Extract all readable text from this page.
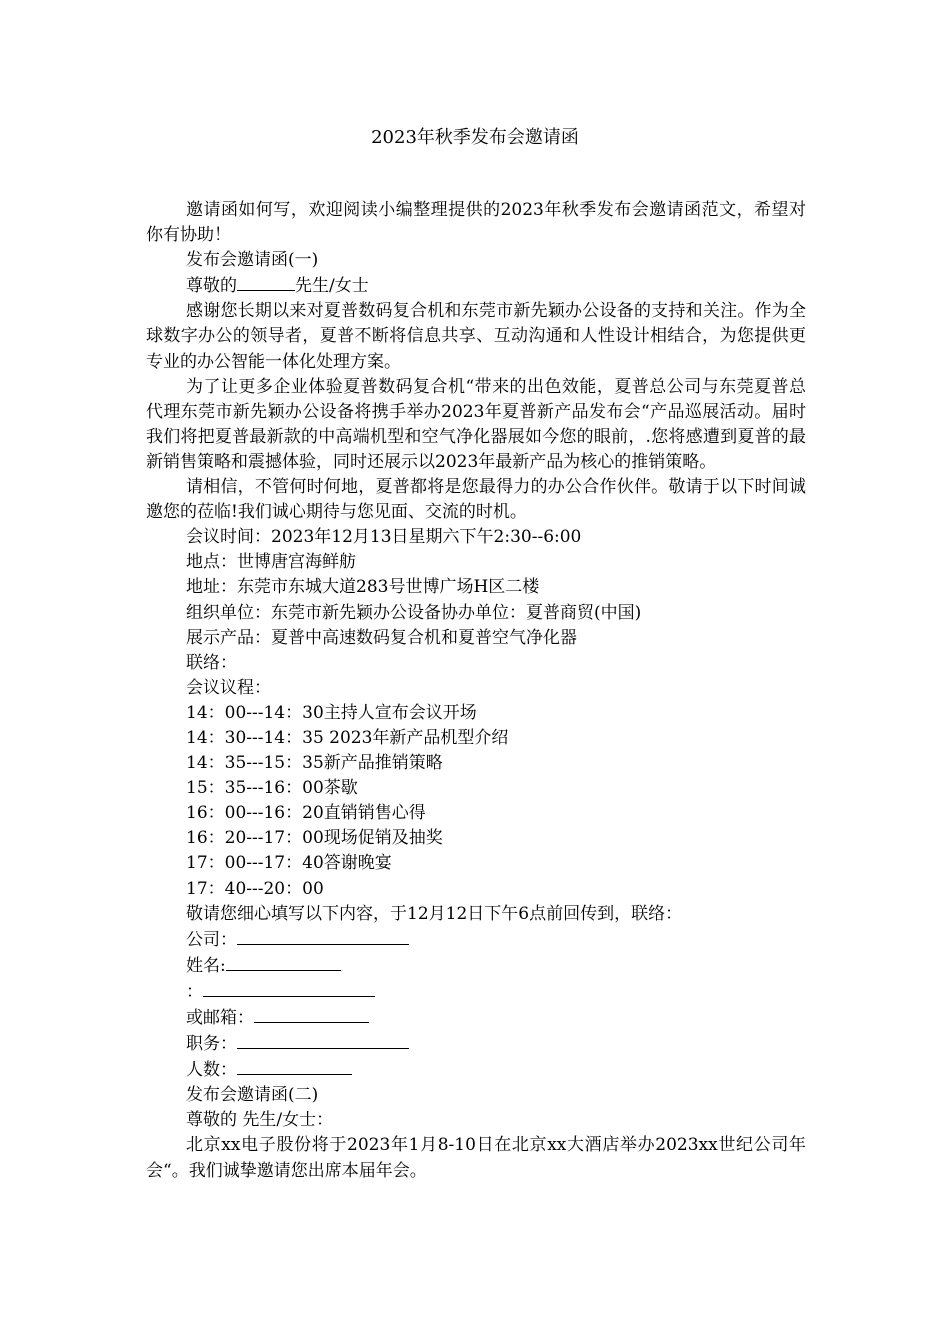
2023年秋季发布会邀请函

邀请函如何写，欢迎阅读小编整理提供的2023年秋季发布会邀请函范文，希望对你有协助！

发布会邀请函(一)

尊敬的	先生/女士

感谢您长期以来对夏普数码复合机和东莞市新先颖办公设备的支持和关注。作为全球数字办公的领导者，夏普不断将信息共享、互动沟通和人性设计相结合，为您提供更专业的办公智能一体化处理方案。

为了让更多企业体验夏普数码复合机“带来的出色效能，夏普总公司与东莞夏普总代理东莞市新先颖办公设备将携手举办2023年夏普新产品发布会“产品巡展活动。届时我们将把夏普最新款的中高端机型和空气净化器展如今您的眼前，.您将感遭到夏普的最新销售策略和震撼体验，同时还展示以2023年最新产品为核心的推销策略。

请相信，不管何时何地，夏普都将是您最得力的办公合作伙伴。敬请于以下时间诚邀您的莅临!我们诚心期待与您见面、交流的时机。

会议时间：2023年12月13日星期六下午2:30--6:00

地点：世博唐宫海鲜舫

地址：东莞市东城大道283号世博广场H区二楼

组织单位：东莞市新先颖办公设备协办单位：夏普商贸(中国)

展示产品：夏普中高速数码复合机和夏普空气净化器

联络：

会议议程：

14：00---14：30主持人宣布会议开场

14：30---14：35 2023年新产品机型介绍

14：35---15：35新产品推销策略

15：35---16：00茶歇

16：00---16：20直销销售心得

16：20---17：00现场促销及抽奖

17：00---17：40答谢晚宴

17：40---20：00

敬请您细心填写以下内容，于12月12日下午6点前回传到，联络：

公司：

姓名:

：

或邮箱：

职务：

人数：

发布会邀请函(二)

尊敬的 先生/女士：

北京xx电子股份将于2023年1月8-10日在北京xx大酒店举办2023xx世纪公司年会“。我们诚挚邀请您出席本届年会。
